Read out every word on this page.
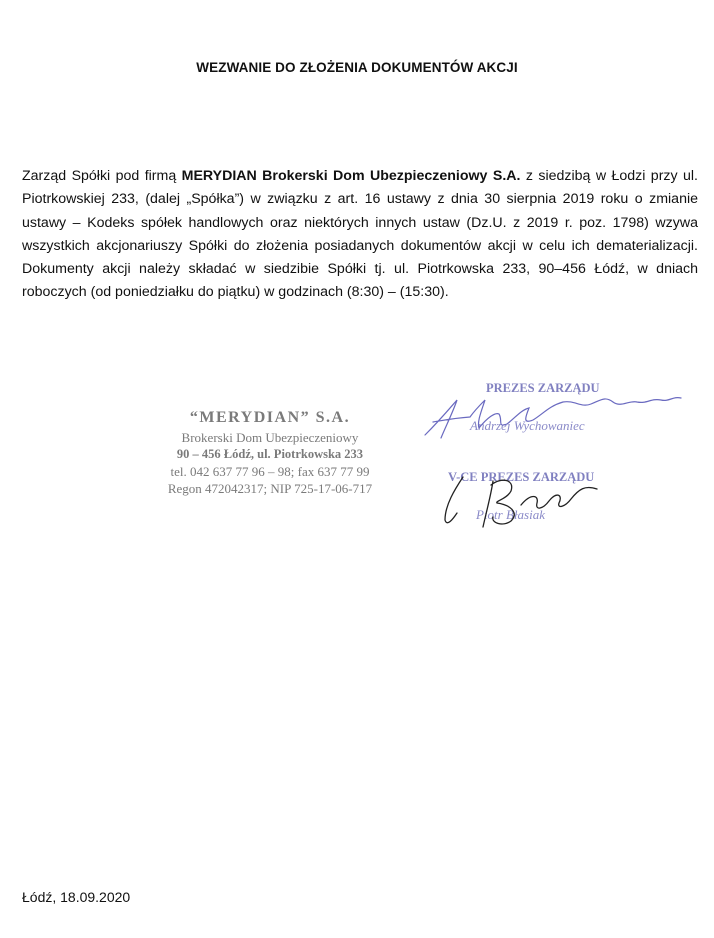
WEZWANIE DO ZŁOŻENIA DOKUMENTÓW AKCJI

Zarząd Spółki pod firmą MERYDIAN Brokerski Dom Ubezpieczeniowy S.A. z siedzibą w Łodzi przy ul. Piotrkowskiej 233, (dalej „Spółka”) w związku z art. 16 ustawy z dnia 30 sierpnia 2019 roku o zmianie ustawy – Kodeks spółek handlowych oraz niektórych innych ustaw (Dz.U. z 2019 r. poz. 1798) wzywa wszystkich akcjonariuszy Spółki do złożenia posiadanych dokumentów akcji w celu ich dematerializacji. Dokumenty akcji należy składać w siedzibie Spółki tj. ul. Piotrkowska 233, 90–456 Łódź, w dniach roboczych (od poniedziałku do piątku) w godzinach (8:30) – (15:30).

“MERYDIAN” S.A.
Brokerski Dom Ubezpieczeniowy
90 – 456 Łódź, ul. Piotrkowska 233
tel. 042 637 77 96 – 98; fax 637 77 99
Regon 472042317; NIP 725-17-06-717
PREZES ZARZĄDU
Andrzej Wychowaniec
V-CE PREZES ZARZĄDU
Piotr Błasiak
Łódź, 18.09.2020
